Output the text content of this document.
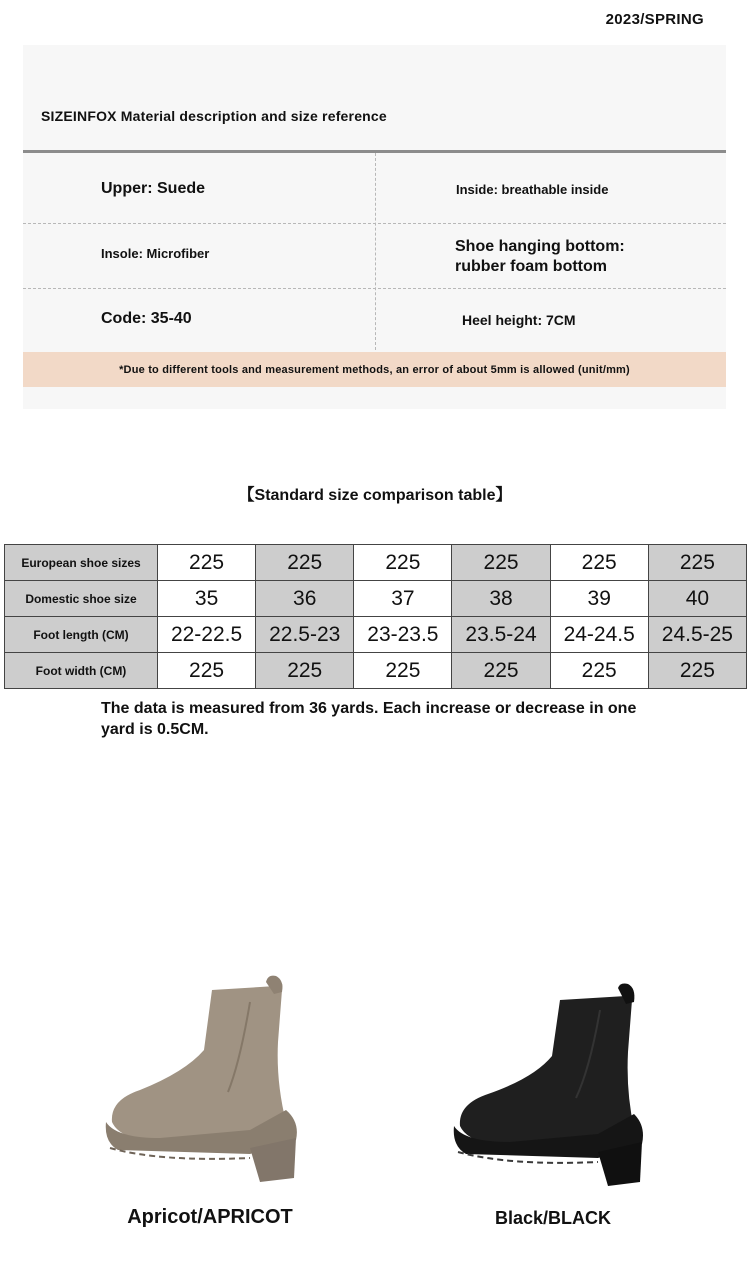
2023/SPRING
SIZEINFOX Material description and size reference
Upper: Suede	Inside: breathable inside
Insole: Microfiber	Shoe hanging bottom:
rubber foam bottom
Code: 35-40	Heel height: 7CM
*Due to different tools and measurement methods, an error of about 5mm is allowed (unit/mm)
【Standard size comparison table】
European shoe sizes	225	225	225	225	225	225
Domestic shoe size	35	36	37	38	39	40
Foot length (CM)	22-22.5	22.5-23	23-23.5	23.5-24	24-24.5	24.5-25
Foot width (CM)	225	225	225	225	225	225
The data is measured from 36 yards. Each increase or decrease in one yard is 0.5CM.
Apricot/APRICOT	Black/BLACK
